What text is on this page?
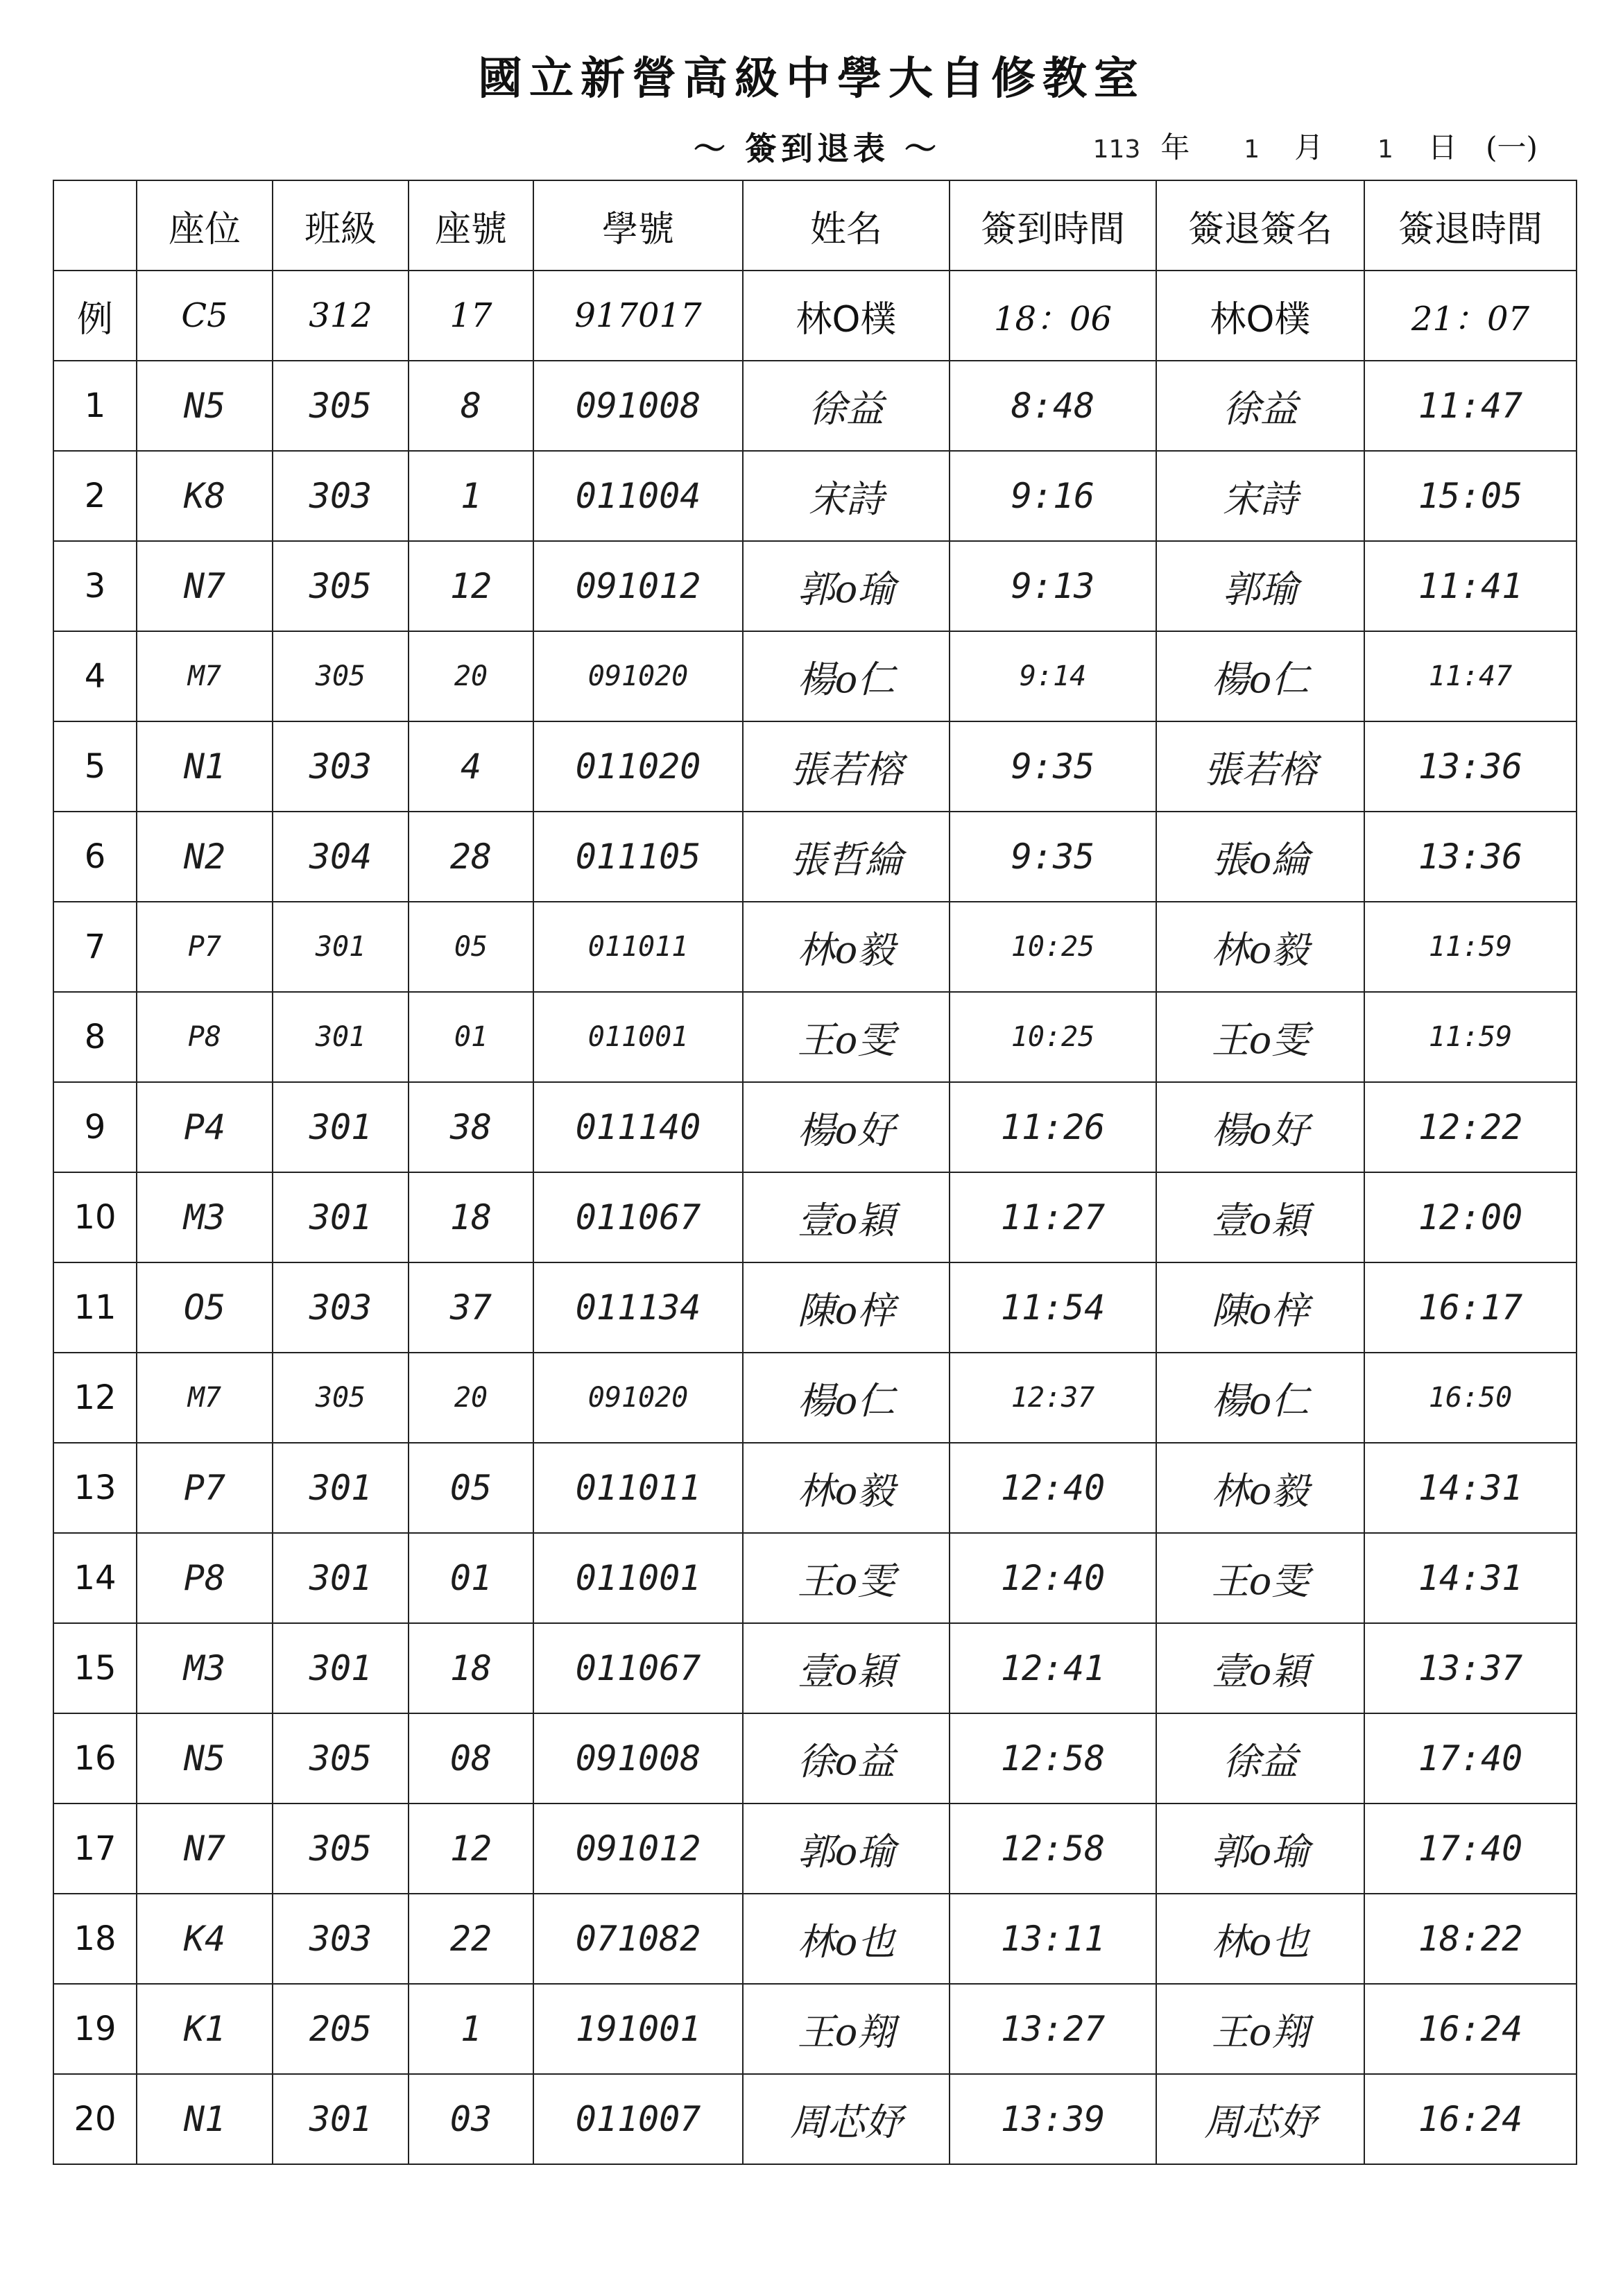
國立新營高級中學大自修教室
～ 簽到退表 ～	113 年 1 月 1 日 (一)
	座位	班級	座號	學號	姓名	簽到時間	簽退簽名	簽退時間
例	C5	312	17	917017	林O樸	18：06	林O樸	21：07
1	N5	305	8	091008	徐益	8:48	徐益	11:47
2	K8	303	1	011004	宋詩	9:16	宋詩	15:05
3	N7	305	12	091012	郭o瑜	9:13	郭瑜	11:41
4	M7	305	20	091020	楊o仁	9:14	楊o仁	11:47
5	N1	303	4	011020	張若榕	9:35	張若榕	13:36
6	N2	304	28	011105	張哲綸	9:35	張o綸	13:36
7	P7	301	05	011011	林o毅	10:25	林o毅	11:59
8	P8	301	01	011001	王o雯	10:25	王o雯	11:59
9	P4	301	38	011140	楊o好	11:26	楊o好	12:22
10	M3	301	18	011067	壹o穎	11:27	壹o穎	12:00
11	O5	303	37	011134	陳o梓	11:54	陳o梓	16:17
12	M7	305	20	091020	楊o仁	12:37	楊o仁	16:50
13	P7	301	05	011011	林o毅	12:40	林o毅	14:31
14	P8	301	01	011001	王o雯	12:40	王o雯	14:31
15	M3	301	18	011067	壹o穎	12:41	壹o穎	13:37
16	N5	305	08	091008	徐o益	12:58	徐益	17:40
17	N7	305	12	091012	郭o瑜	12:58	郭o瑜	17:40
18	K4	303	22	071082	林o也	13:11	林o也	18:22
19	K1	205	1	191001	王o翔	13:27	王o翔	16:24
20	N1	301	03	011007	周芯妤	13:39	周芯妤	16:24
